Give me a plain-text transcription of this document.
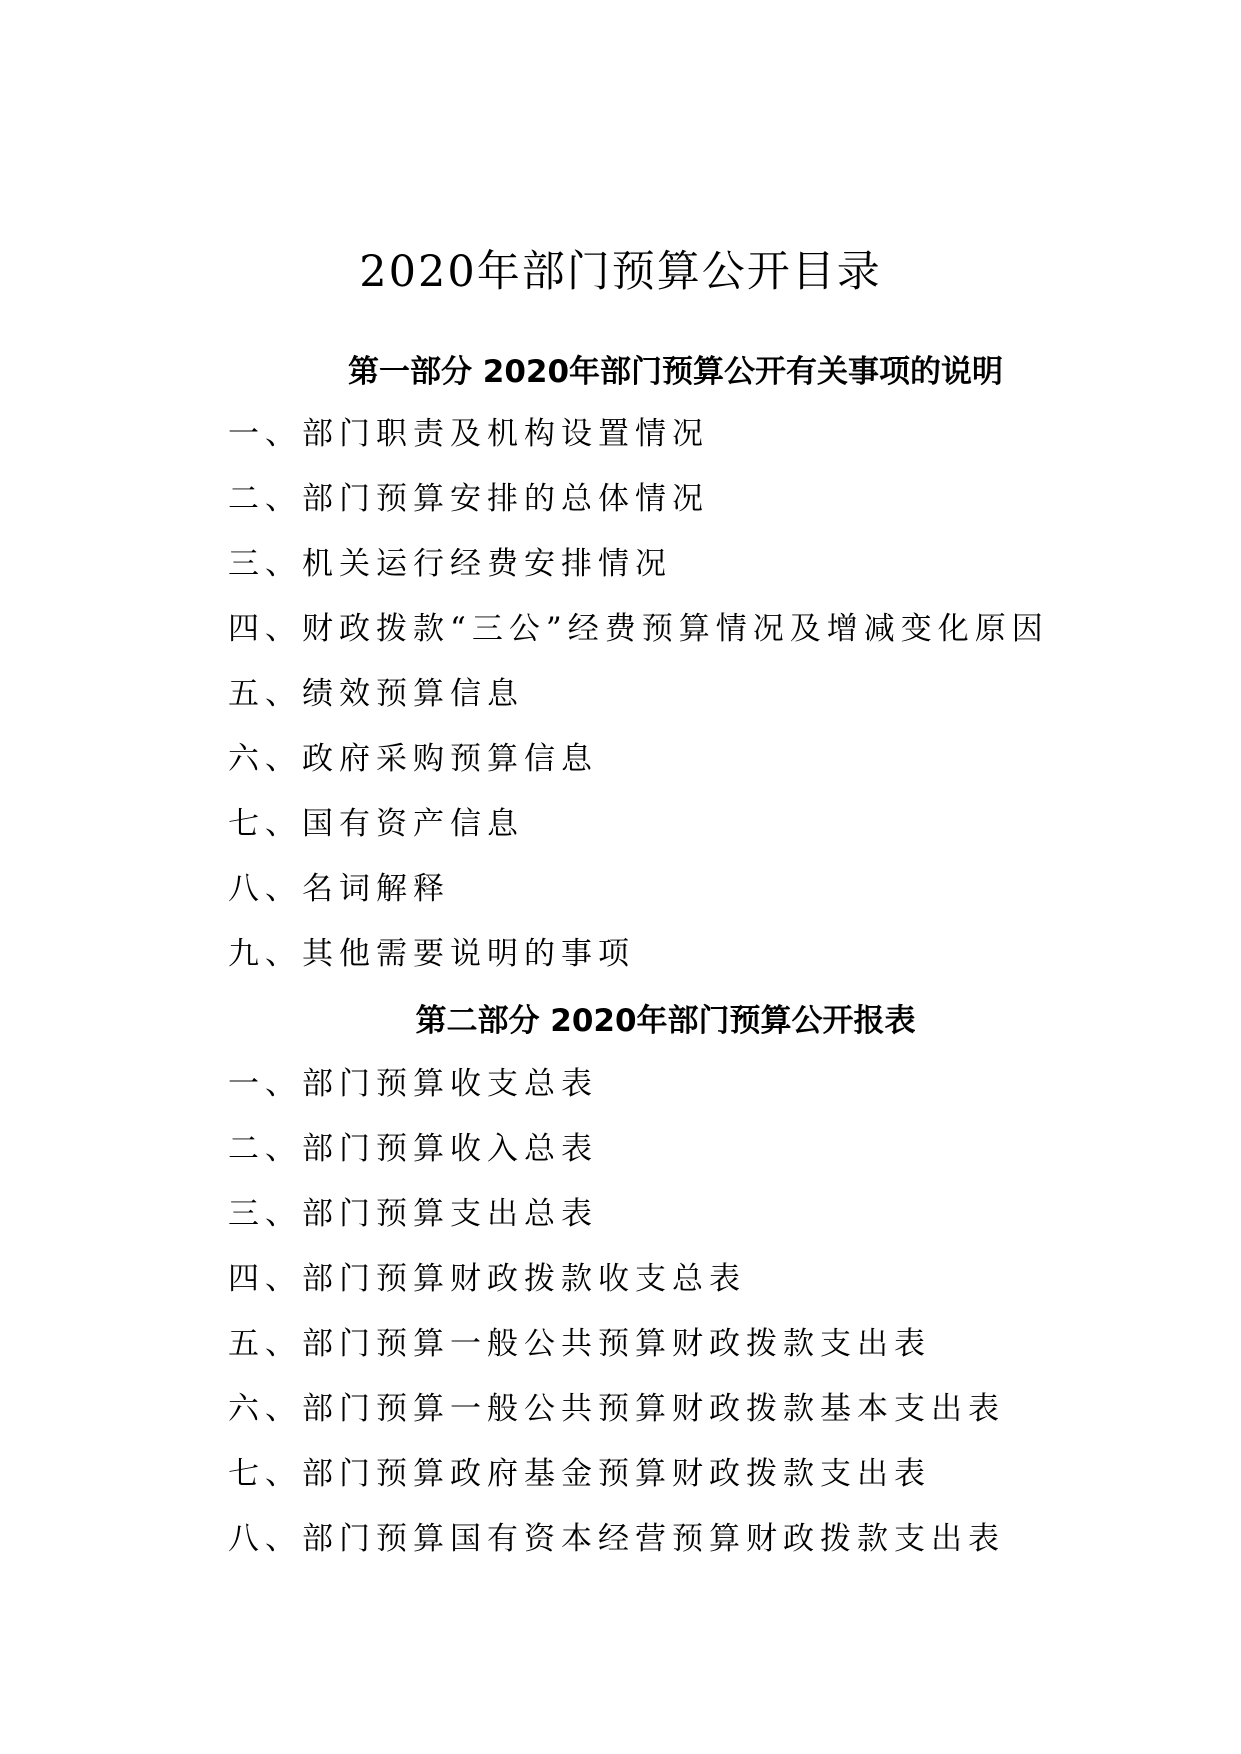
2020年部门预算公开目录
第一部分 2020年部门预算公开有关事项的说明
一、部门职责及机构设置情况
二、部门预算安排的总体情况
三、机关运行经费安排情况
四、财政拨款“三公”经费预算情况及增减变化原因
五、绩效预算信息
六、政府采购预算信息
七、国有资产信息
八、名词解释
九、其他需要说明的事项
第二部分 2020年部门预算公开报表
一、部门预算收支总表
二、部门预算收入总表
三、部门预算支出总表
四、部门预算财政拨款收支总表
五、部门预算一般公共预算财政拨款支出表
六、部门预算一般公共预算财政拨款基本支出表
七、部门预算政府基金预算财政拨款支出表
八、部门预算国有资本经营预算财政拨款支出表
